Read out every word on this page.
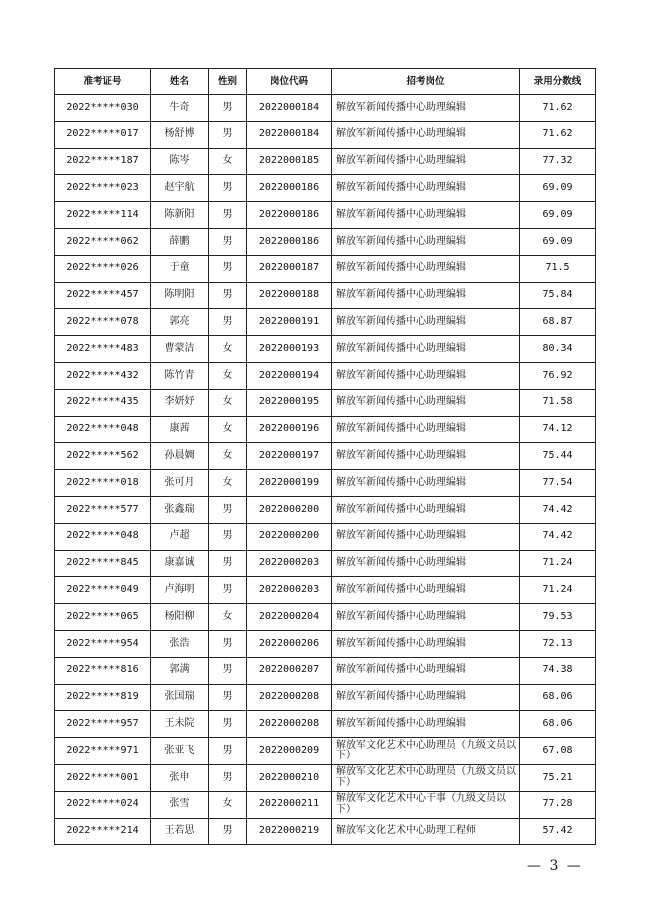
准考证号	姓名	性别	岗位代码	招考岗位	录用分数线
2022*****030	牛奇	男	2022000184	解放军新闻传播中心助理编辑	71.62
2022*****017	杨舒博	男	2022000184	解放军新闻传播中心助理编辑	71.62
2022*****187	陈岑	女	2022000185	解放军新闻传播中心助理编辑	77.32
2022*****023	赵宇航	男	2022000186	解放军新闻传播中心助理编辑	69.09
2022*****114	陈新阳	男	2022000186	解放军新闻传播中心助理编辑	69.09
2022*****062	薛鹏	男	2022000186	解放军新闻传播中心助理编辑	69.09
2022*****026	于童	男	2022000187	解放军新闻传播中心助理编辑	71.5
2022*****457	陈明阳	男	2022000188	解放军新闻传播中心助理编辑	75.84
2022*****078	郭亮	男	2022000191	解放军新闻传播中心助理编辑	68.87
2022*****483	曹蒙洁	女	2022000193	解放军新闻传播中心助理编辑	80.34
2022*****432	陈竹青	女	2022000194	解放军新闻传播中心助理编辑	76.92
2022*****435	李妍妤	女	2022000195	解放军新闻传播中心助理编辑	71.58
2022*****048	康茜	女	2022000196	解放军新闻传播中心助理编辑	74.12
2022*****562	孙晨婤	女	2022000197	解放军新闻传播中心助理编辑	75.44
2022*****018	张可月	女	2022000199	解放军新闻传播中心助理编辑	77.54
2022*****577	张鑫瑞	男	2022000200	解放军新闻传播中心助理编辑	74.42
2022*****048	卢超	男	2022000200	解放军新闻传播中心助理编辑	74.42
2022*****845	康嘉诚	男	2022000203	解放军新闻传播中心助理编辑	71.24
2022*****049	卢海明	男	2022000203	解放军新闻传播中心助理编辑	71.24
2022*****065	杨阳柳	女	2022000204	解放军新闻传播中心助理编辑	79.53
2022*****954	张浩	男	2022000206	解放军新闻传播中心助理编辑	72.13
2022*****816	郭满	男	2022000207	解放军新闻传播中心助理编辑	74.38
2022*****819	张国瑞	男	2022000208	解放军新闻传播中心助理编辑	68.06
2022*****957	王未院	男	2022000208	解放军新闻传播中心助理编辑	68.06
2022*****971	张亚飞	男	2022000209	解放军文化艺术中心助理员（九级文员以下）	67.08
2022*****001	张申	男	2022000210	解放军文化艺术中心助理员（九级文员以下）	75.21
2022*****024	张雪	女	2022000211	解放军文化艺术中心干事（九级文员以下）	77.28
2022*****214	王若思	男	2022000219	解放军文化艺术中心助理工程师	57.42
— 3 —
